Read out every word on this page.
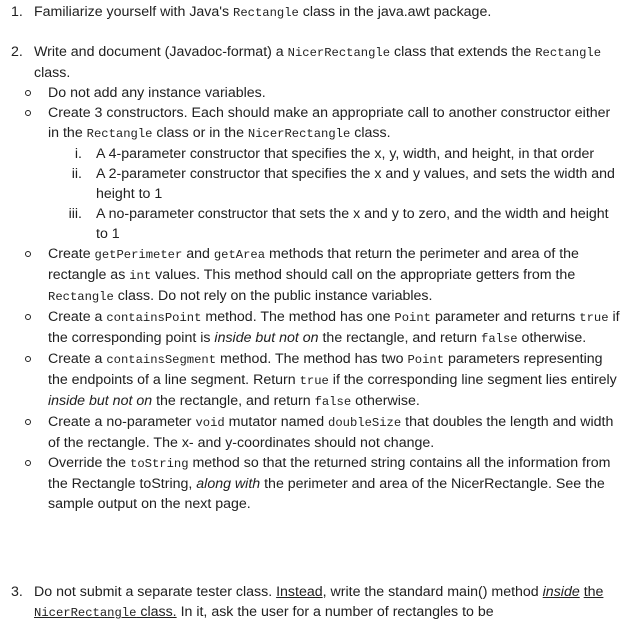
1. Familiarize yourself with Java's Rectangle class in the java.awt package.
2. Write and document (Javadoc-format) a NicerRectangle class that extends the Rectangle class.
Do not add any instance variables.
Create 3 constructors. Each should make an appropriate call to another constructor either in the Rectangle class or in the NicerRectangle class.
i. A 4-parameter constructor that specifies the x, y, width, and height, in that order
ii. A 2-parameter constructor that specifies the x and y values, and sets the width and height to 1
iii. A no-parameter constructor that sets the x and y to zero, and the width and height to 1
Create getPerimeter and getArea methods that return the perimeter and area of the rectangle as int values. This method should call on the appropriate getters from the Rectangle class. Do not rely on the public instance variables.
Create a containsPoint method. The method has one Point parameter and returns true if the corresponding point is inside but not on the rectangle, and return false otherwise.
Create a containsSegment method. The method has two Point parameters representing the endpoints of a line segment. Return true if the corresponding line segment lies entirely inside but not on the rectangle, and return false otherwise.
Create a no-parameter void mutator named doubleSize that doubles the length and width of the rectangle. The x- and y-coordinates should not change.
Override the toString method so that the returned string contains all the information from the Rectangle toString, along with the perimeter and area of the NicerRectangle. See the sample output on the next page.
3. Do not submit a separate tester class. Instead, write the standard main() method inside the NicerRectangle class. In it, ask the user for a number of rectangles to be
